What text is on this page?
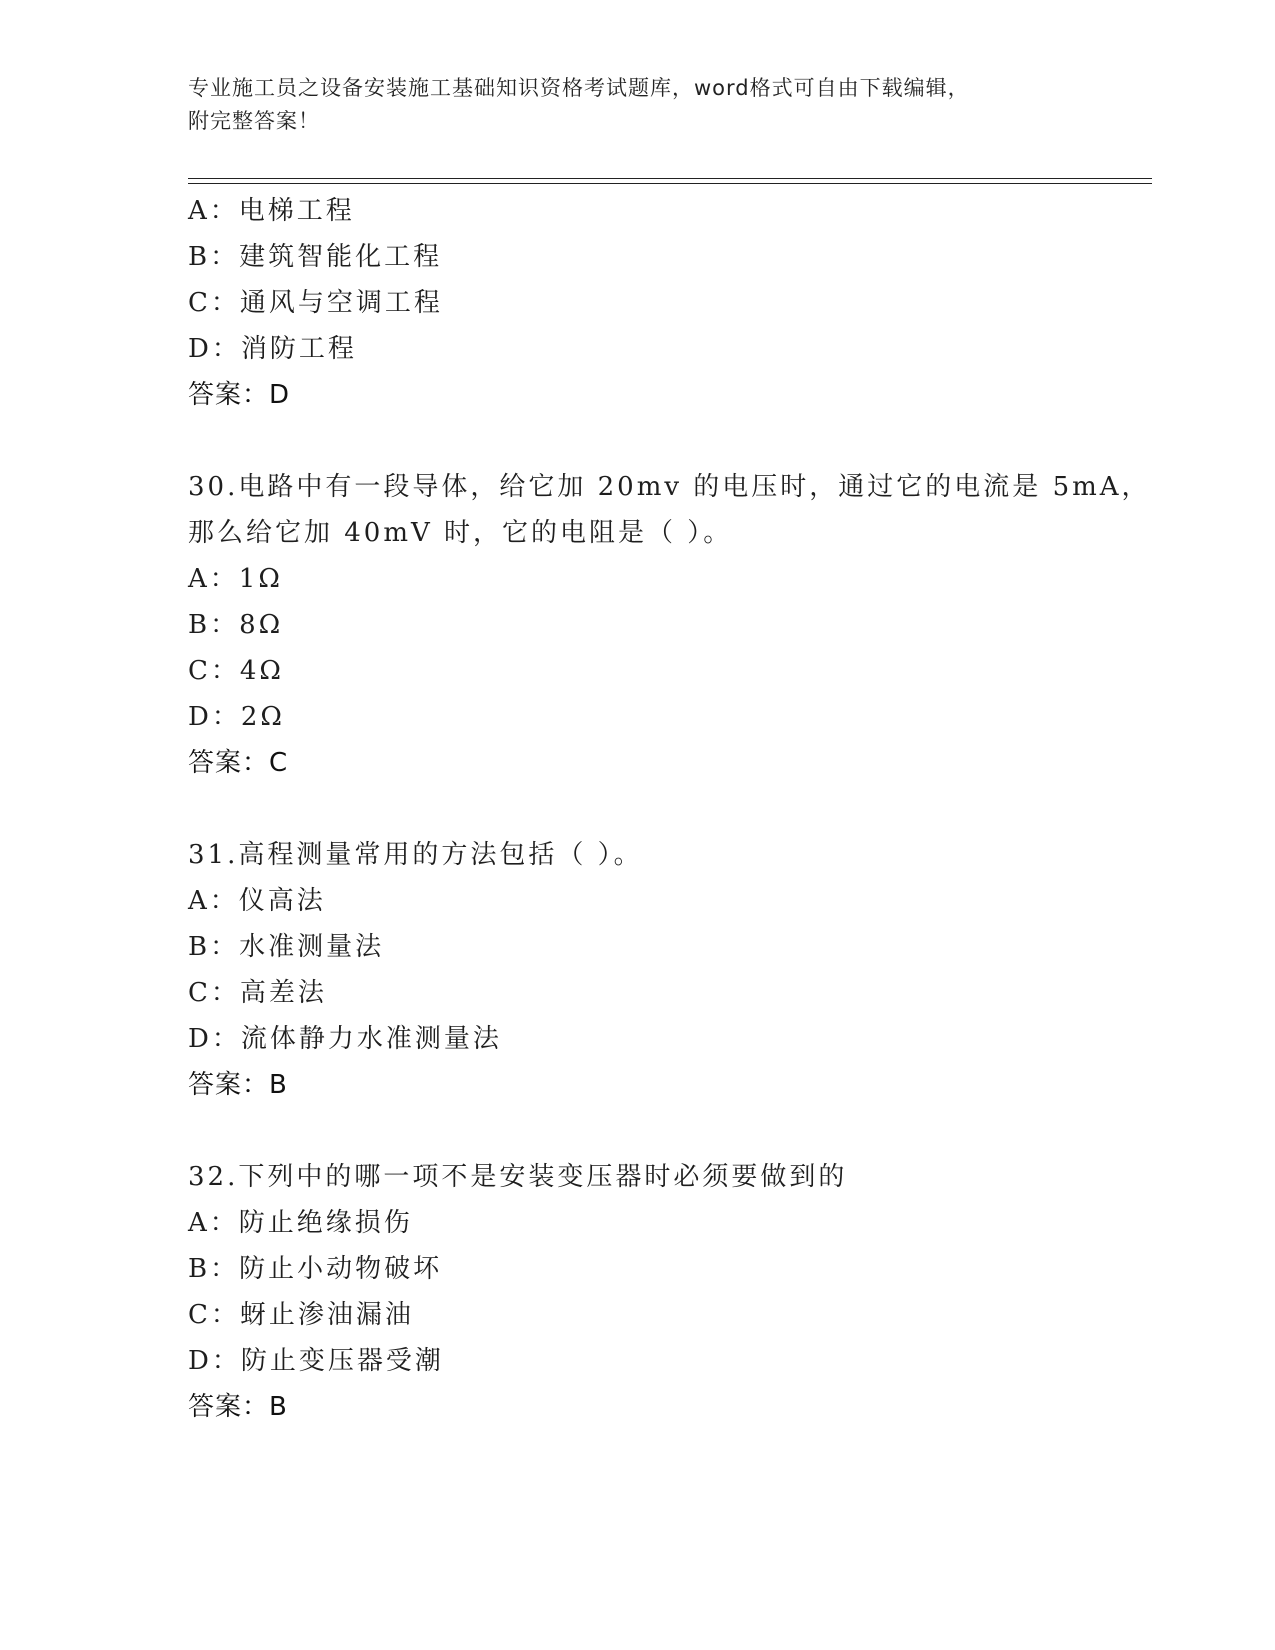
专业施工员之设备安装施工基础知识资格考试题库，word格式可自由下载编辑，
附完整答案！
A：电梯工程
B：建筑智能化工程
C：通风与空调工程
D：消防工程
答案：D
30.电路中有一段导体，给它加 20mv 的电压时，通过它的电流是 5mA，
那么给它加 40mV 时，它的电阻是（ ）。
A：1Ω
B：8Ω
C：4Ω
D：2Ω
答案：C
31.高程测量常用的方法包括（ ）。
A：仪高法
B：水准测量法
C：高差法
D：流体静力水准测量法
答案：B
32.下列中的哪一项不是安装变压器时必须要做到的
A：防止绝缘损伤
B：防止小动物破坏
C：蚜止渗油漏油
D：防止变压器受潮
答案：B
